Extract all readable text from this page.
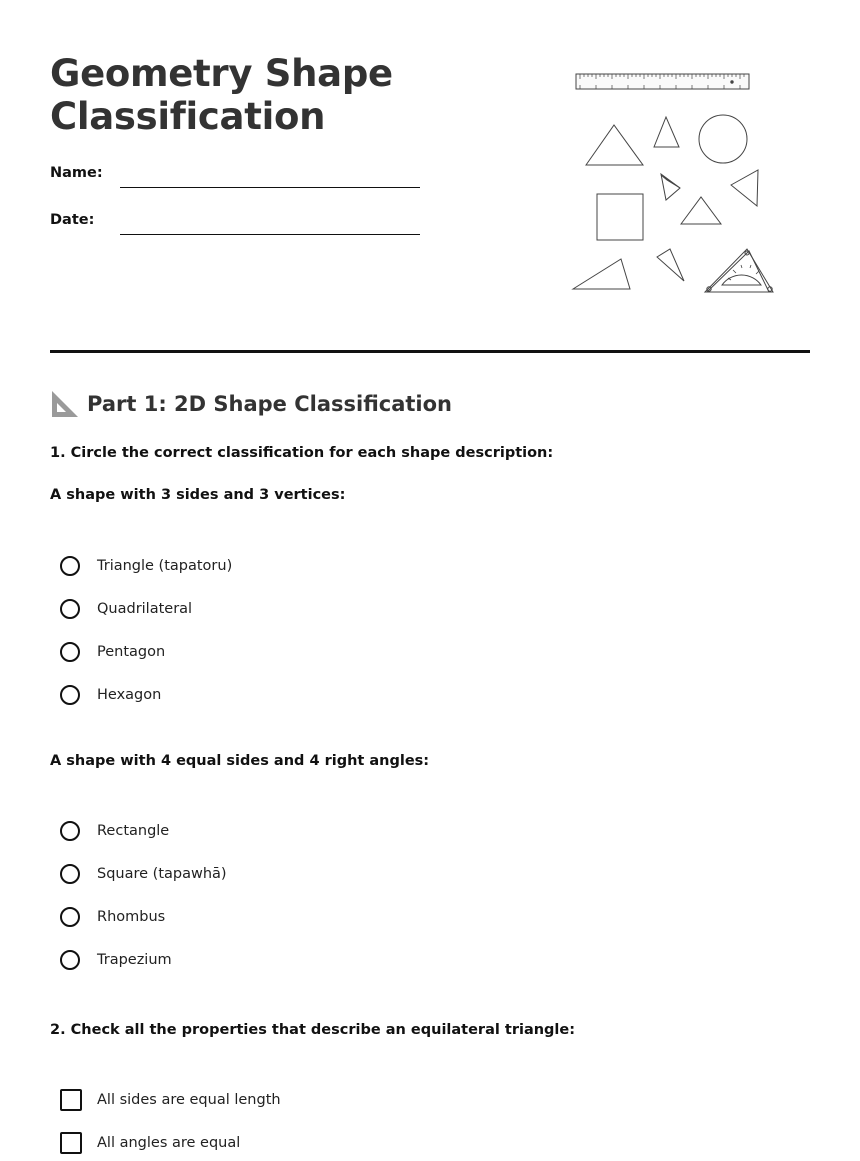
Geometry Shape
Classification
Name:
Date:
Part 1: 2D Shape Classification

1. Circle the correct classification for each shape description:

A shape with 3 sides and 3 vertices:

Triangle (tapatoru)
Quadrilateral
Pentagon
Hexagon

A shape with 4 equal sides and 4 right angles:

Rectangle
Square (tapawhā)
Rhombus
Trapezium

2. Check all the properties that describe an equilateral triangle:

All sides are equal length
All angles are equal
